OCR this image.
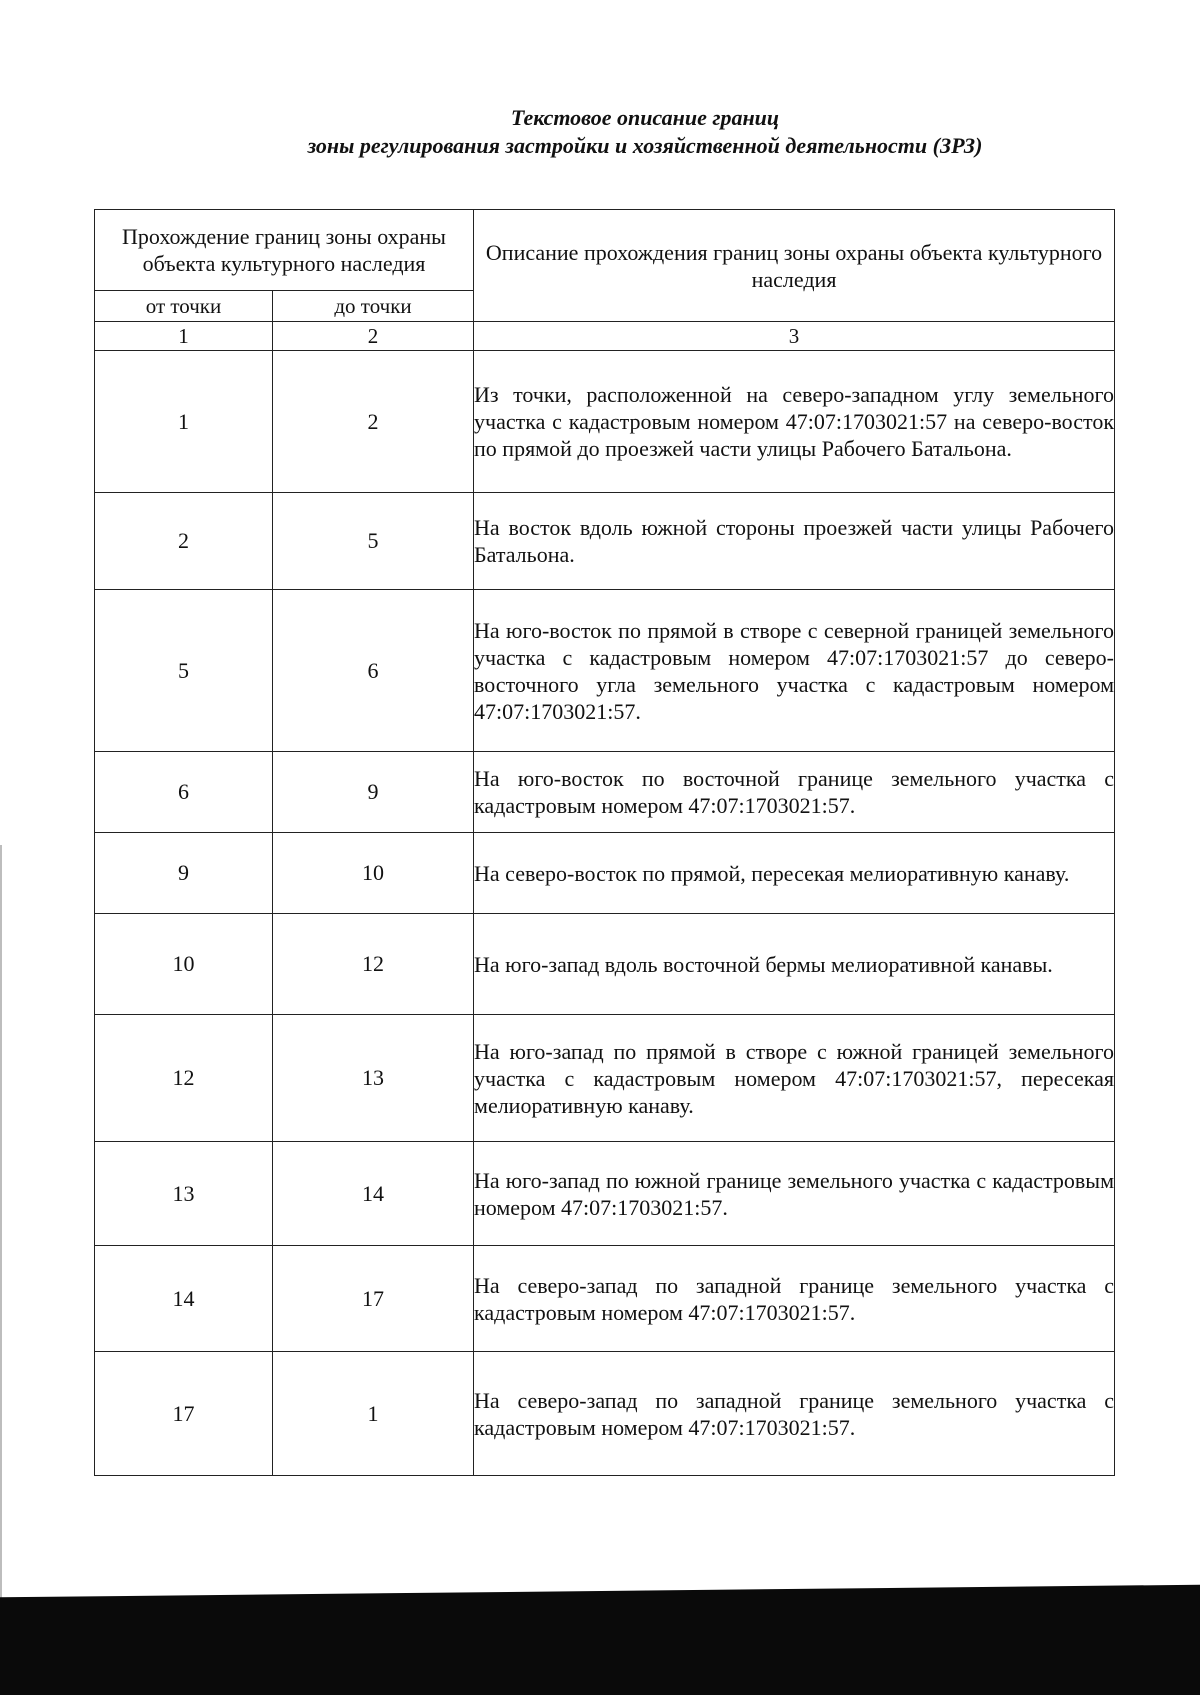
Текстовое описание границ
зоны регулирования застройки и хозяйственной деятельности (ЗРЗ)
Прохождение границ зоны охраны объекта культурного наследия		Описание прохождения границ зоны охраны объекта культурного наследия
от точки	до точки	
1	2	3
1	2	Из точки, расположенной на северо-западном углу земельного участка с кадастровым номером 47:07:1703021:57 на северо-восток по прямой до проезжей части улицы Рабочего Батальона.
2	5	На восток вдоль южной стороны проезжей части улицы Рабочего Батальона.
5	6	На юго-восток по прямой в створе с северной границей земельного участка с кадастровым номером 47:07:1703021:57 до северо-восточного угла земельного участка с кадастровым номером 47:07:1703021:57.
6	9	На юго-восток по восточной границе земельного участка с кадастровым номером 47:07:1703021:57.
9	10	На северо-восток по прямой, пересекая мелиоративную канаву.
10	12	На юго-запад вдоль восточной бермы мелиоративной канавы.
12	13	На юго-запад по прямой в створе с южной границей земельного участка с кадастровым номером 47:07:1703021:57, пересекая мелиоративную канаву.
13	14	На юго-запад по южной границе земельного участка с кадастровым номером 47:07:1703021:57.
14	17	На северо-запад по западной границе земельного участка с кадастровым номером 47:07:1703021:57.
17	1	На северо-запад по западной границе земельного участка с кадастровым номером 47:07:1703021:57.
